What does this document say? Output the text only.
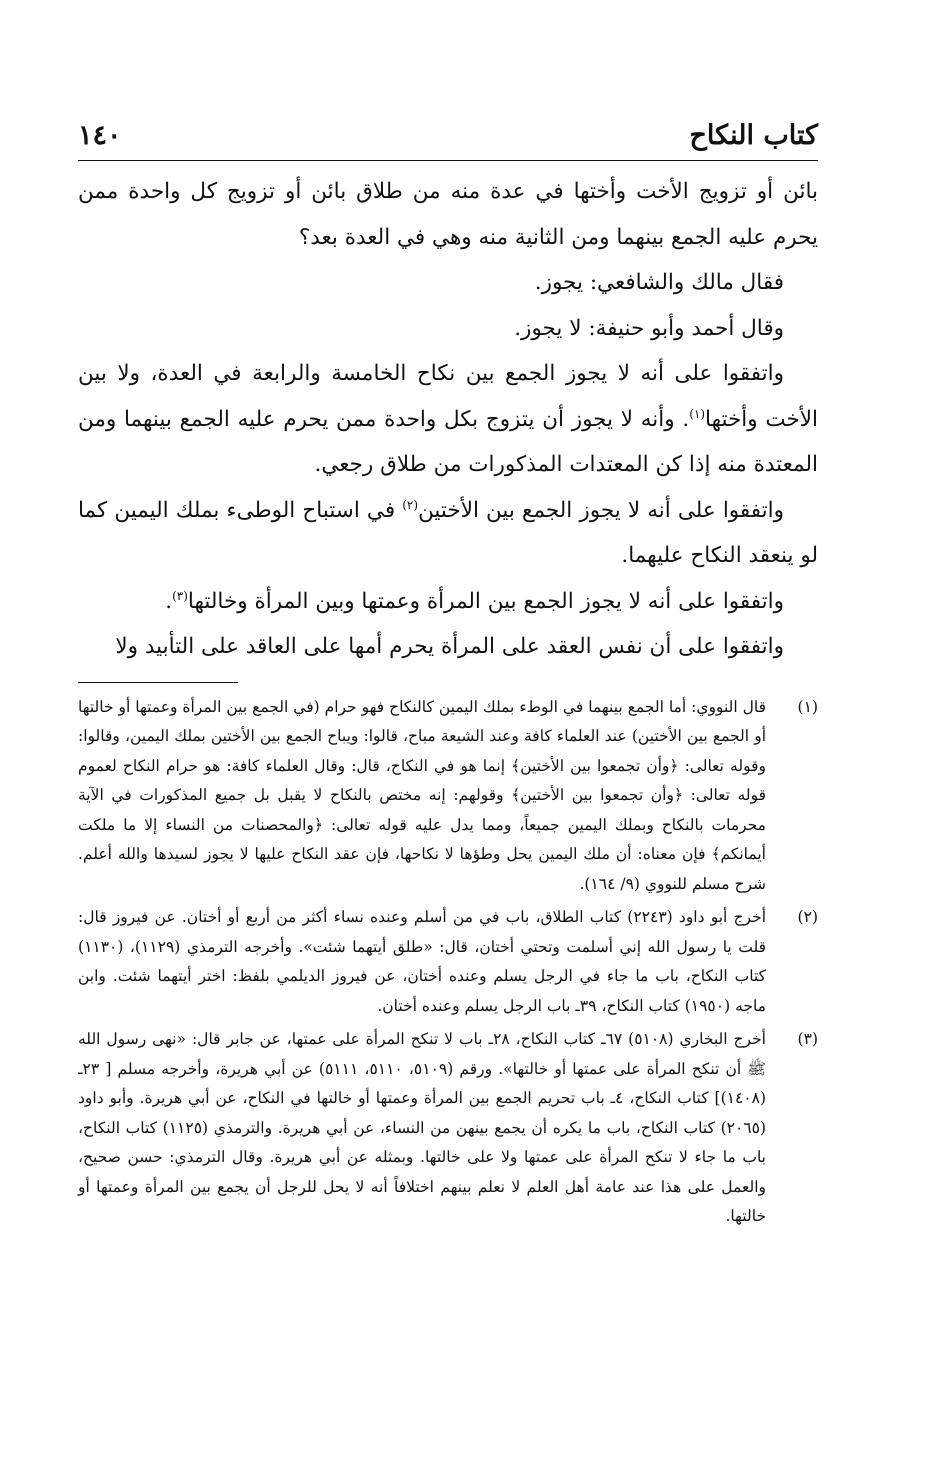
١٤٠	كتاب النكاح

بائن أو تزويج الأخت وأختها في عدة منه من طلاق بائن أو تزويج كل واحدة ممن يحرم عليه الجمع بينهما ومن الثانية منه وهي في العدة بعد؟

فقال مالك والشافعي: يجوز.

وقال أحمد وأبو حنيفة: لا يجوز.

واتفقوا على أنه لا يجوز الجمع بين نكاح الخامسة والرابعة في العدة، ولا بين الأخت وأختها$^{(١)}$. وأنه لا يجوز أن يتزوج بكل واحدة ممن يحرم عليه الجمع بينهما ومن المعتدة منه إذا كن المعتدات المذكورات من طلاق رجعي.

واتفقوا على أنه لا يجوز الجمع بين الأختين$^{(٢)}$ في استباح الوطىء بملك اليمين كما لو ينعقد النكاح عليهما.

واتفقوا على أنه لا يجوز الجمع بين المرأة وعمتها وبين المرأة وخالتها$^{(٣)}$.

واتفقوا على أن نفس العقد على المرأة يحرم أمها على العاقد على التأبيد ولا

(١)
قال النووي: أما الجمع بينهما في الوطء بملك اليمين كالنكاح فهو حرام (في الجمع بين المرأة وعمتها أو خالتها أو الجمع بين الأختين) عند العلماء كافة وعند الشيعة مباح، قالوا: ويباح الجمع بين الأختين بملك اليمين، وقالوا: وقوله تعالى: ﴿وأن تجمعوا بين الأختين﴾ إنما هو في النكاح، قال: وقال العلماء كافة: هو حرام النكاح لعموم قوله تعالى: ﴿وأن تجمعوا بين الأختين﴾ وقولهم: إنه مختص بالنكاح لا يقبل بل جميع المذكورات في الآية محرمات بالنكاح وبملك اليمين جميعاً، ومما يدل عليه قوله تعالى: ﴿والمحصنات من النساء إلا ما ملكت أيمانكم﴾ فإن معناه: أن ملك اليمين يحل وطؤها لا نكاحها، فإن عقد النكاح عليها لا يجوز لسيدها والله أعلم. شرح مسلم للنووي (٩/ ١٦٤).
(٢)
أخرج أبو داود (٢٢٤٣) كتاب الطلاق، باب في من أسلم وعنده نساء أكثر من أربع أو أختان. عن فيروز قال: قلت يا رسول الله إني أسلمت وتحتي أختان، قال: «طلق أيتهما شئت». وأخرجه الترمذي (١١٢٩)، (١١٣٠) كتاب النكاح، باب ما جاء في الرجل يسلم وعنده أختان، عن فيروز الديلمي بلفظ: اختر أيتهما شئت. وابن ماجه (١٩٥٠) كتاب النكاح، ٣٩ـ باب الرجل يسلم وعنده أختان.
(٣)
أخرج البخاري (٥١٠٨) ٦٧ـ كتاب النكاح، ٢٨ـ باب لا تنكح المرأة على عمتها، عن جابر قال: «نهى رسول الله ﷺ أن تنكح المرأة على عمتها أو خالتها». ورقم (٥١٠٩، ٥١١٠، ٥١١١) عن أبي هريرة، وأخرجه مسلم [ ٢٣ـ (١٤٠٨)] كتاب النكاح، ٤ـ باب تحريم الجمع بين المرأة وعمتها أو خالتها في النكاح، عن أبي هريرة. وأبو داود (٢٠٦٥) كتاب النكاح، باب ما يكره أن يجمع بينهن من النساء، عن أبي هريرة. والترمذي (١١٢٥) كتاب النكاح، باب ما جاء لا تنكح المرأة على عمتها ولا على خالتها. وبمثله عن أبي هريرة. وقال الترمذي: حسن صحيح، والعمل على هذا عند عامة أهل العلم لا نعلم بينهم اختلافاً أنه لا يحل للرجل أن يجمع بين المرأة وعمتها أو خالتها.
